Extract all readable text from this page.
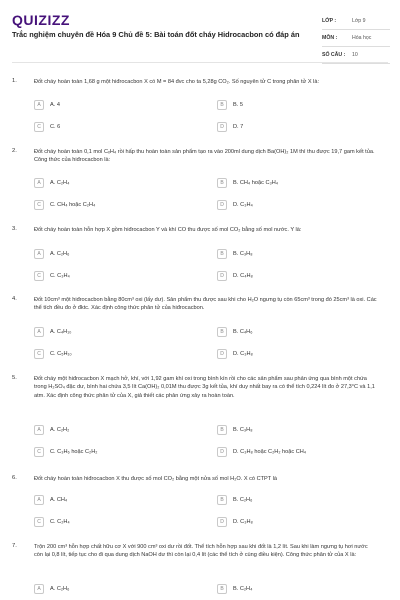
QUIZIZZ
Trắc nghiệm chuyên đề Hóa 9 Chủ đề 5: Bài toán đốt cháy Hidrocacbon có đáp án
LỚP :	Lớp 9
MÔN :	Hóa học
SỐ CÂU :	10
1.	Đốt cháy hoàn toàn 1,68 g một hiđrocacbon X có M = 84 đvc cho ta 5,28g CO₂. Số nguyên tử C trong phân tử X là:
A	A. 4	B	B. 5
C	C. 6	D	D. 7
2.	Đốt cháy hoàn toàn 0,1 mol CₓH₄ rồi hấp thu hoàn toàn sản phẩm tạo ra vào 200ml dung dịch Ba(OH)₂ 1M thì thu được 19,7 gam kết tủa. Công thức của hiđrocacbon là:
A	A. C₂H₄	B	B. CH₄ hoặc C₃H₄
C	C. CH₄ hoặc C₂H₄	D	D. C₃H₄
3.	Đốt cháy hoàn toàn hỗn hợp X gồm hiđrocacbon Y và khí CO thu được số mol CO₂ bằng số mol nước. Y là:
A	A. C₂H₆	B	B. C₃H₈
C	C. C₃H₄	D	D. C₄H₈
4.	Đốt 10cm³ một hiđrocacbon bằng 80cm³ oxi (lấy dư). Sản phẩm thu được sau khi cho H₂O ngưng tụ còn 65cm³ trong đó 25cm³ là oxi. Các thể tích đều đo ở đktc. Xác định công thức phân tử của hiđrocacbon.
A	A. C₄H₁₀	B	B. C₄H₆
C	C. C₅H₁₀	D	D. C₃H₈
5.	Đốt cháy một hiđrocacbon X mạch hở, khí, với 1,92 gam khí oxi trong bình kín rồi cho các sản phẩm sau phản ứng qua bình một chứa trong H₂SO₄ đặc dư, bình hai chứa 3,5 lít Ca(OH)₂ 0,01M thu được 3g kết tủa, khí duy nhất bay ra có thể tích 0,224 lít đo ở 27,3°C và 1,1 atm. Xác định công thức phân tử của X, giả thiết các phản ứng xảy ra hoàn toàn.
A	A. C₂H₂	B	B. C₃H₈
C	C. C₃H₆ hoặc C₂H₂	D	D. C₃H₈ hoặc C₂H₂ hoặc CH₄
6.	Đốt cháy hoàn toàn hiđrocacbon X thu được số mol CO₂ bằng một nửa số mol H₂O. X có CTPT là
A	A. CH₄	B	B. C₂H₆
C	C. C₂H₄	D	D. C₃H₈
7.	Trộn 200 cm³ hỗn hợp chất hữu cơ X với 900 cm³ oxi dư rồi đốt. Thể tích hỗn hợp sau khi đốt là 1,2 lít. Sau khi làm ngưng tụ hơi nước còn lại 0,8 lít, tiếp tục cho đi qua dung dịch NaOH dư thì còn lại 0,4 lít (các thể tích ở cùng điều kiện). Công thức phân tử của X là:
A	A. C₂H₆	B	B. C₂H₄
